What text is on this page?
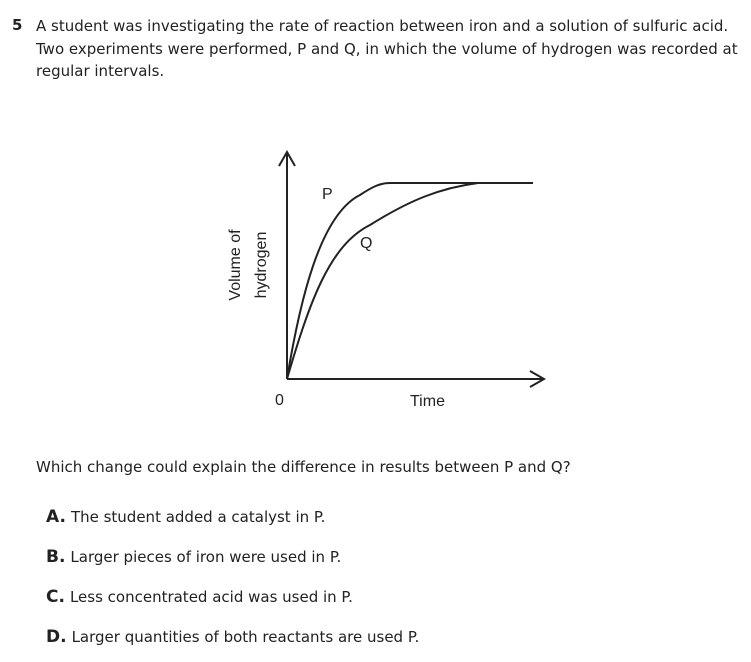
5 A student was investigating the rate of reaction between iron and a solution of sulfuric acid. Two experiments were performed, P and Q, in which the volume of hydrogen was recorded at regular intervals.
P
Q
0	Time
Volume of hydrogen
Which change could explain the difference in results between P and Q?
A. The student added a catalyst in P.
B. Larger pieces of iron were used in P.
C. Less concentrated acid was used in P.
D. Larger quantities of both reactants are used P.
